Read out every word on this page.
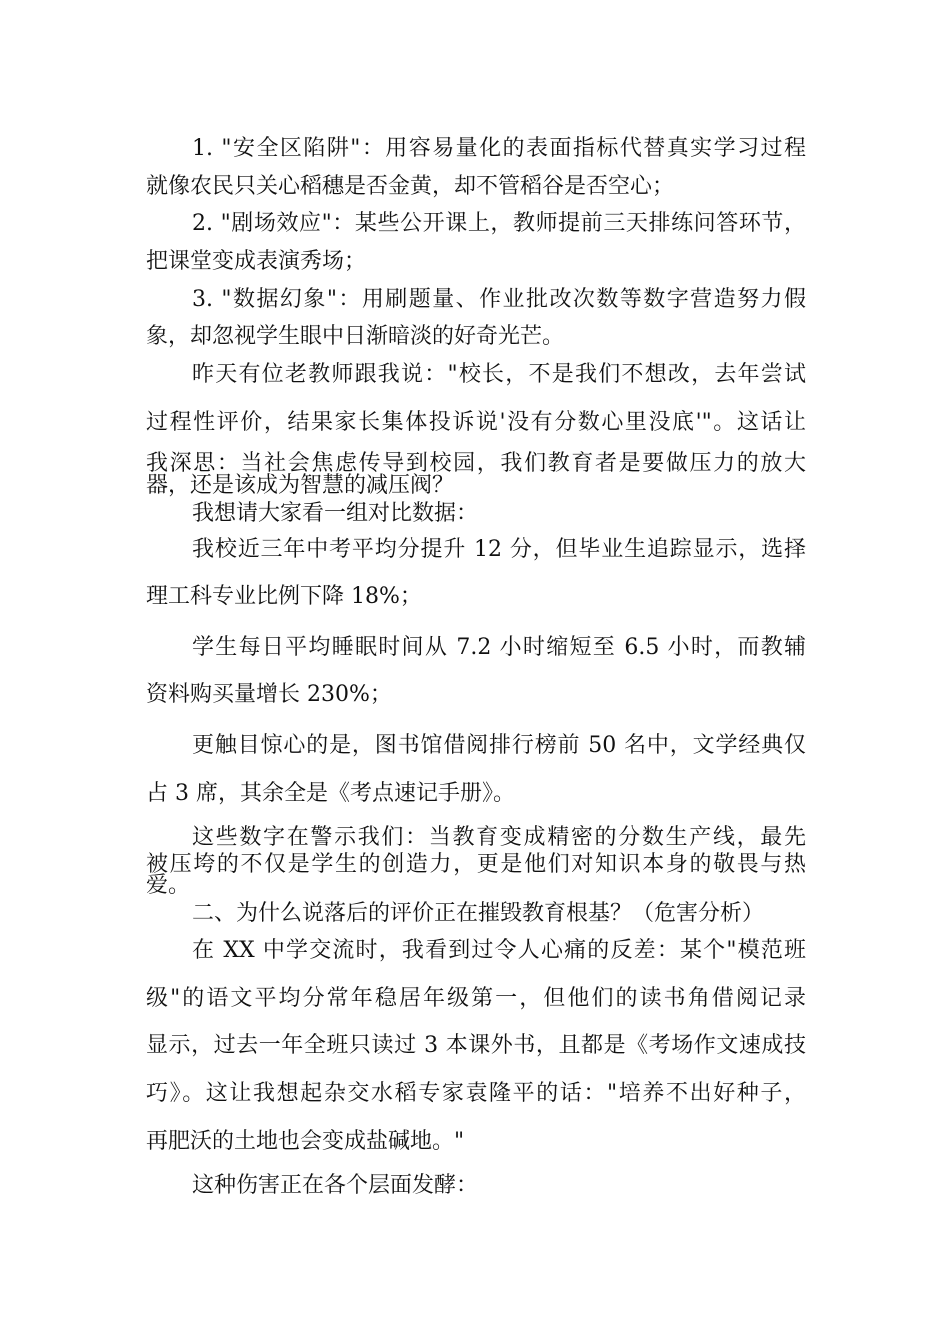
1. "安全区陷阱"：用容易量化的表面指标代替真实学习过程
就像农民只关心稻穗是否金黄，却不管稻谷是否空心；
2. "剧场效应"：某些公开课上，教师提前三天排练问答环节，
把课堂变成表演秀场；
3. "数据幻象"：用刷题量、作业批改次数等数字营造努力假
象，却忽视学生眼中日渐暗淡的好奇光芒。
昨天有位老教师跟我说："校长，不是我们不想改，去年尝试
过程性评价，结果家长集体投诉说'没有分数心里没底'"。这话让
我深思：当社会焦虑传导到校园，我们教育者是要做压力的放大
器，还是该成为智慧的减压阀？
我想请大家看一组对比数据：
我校近三年中考平均分提升 12 分，但毕业生追踪显示，选择
理工科专业比例下降 18%；
学生每日平均睡眠时间从 7.2 小时缩短至 6.5 小时，而教辅
资料购买量增长 230%；
更触目惊心的是，图书馆借阅排行榜前 50 名中，文学经典仅
占 3 席，其余全是《考点速记手册》。
这些数字在警示我们：当教育变成精密的分数生产线，最先
被压垮的不仅是学生的创造力，更是他们对知识本身的敬畏与热
爱。
二、为什么说落后的评价正在摧毁教育根基？（危害分析）
在 XX 中学交流时，我看到过令人心痛的反差：某个"模范班
级"的语文平均分常年稳居年级第一，但他们的读书角借阅记录
显示，过去一年全班只读过 3 本课外书，且都是《考场作文速成技
巧》。这让我想起杂交水稻专家袁隆平的话："培养不出好种子，
再肥沃的土地也会变成盐碱地。"
这种伤害正在各个层面发酵：
